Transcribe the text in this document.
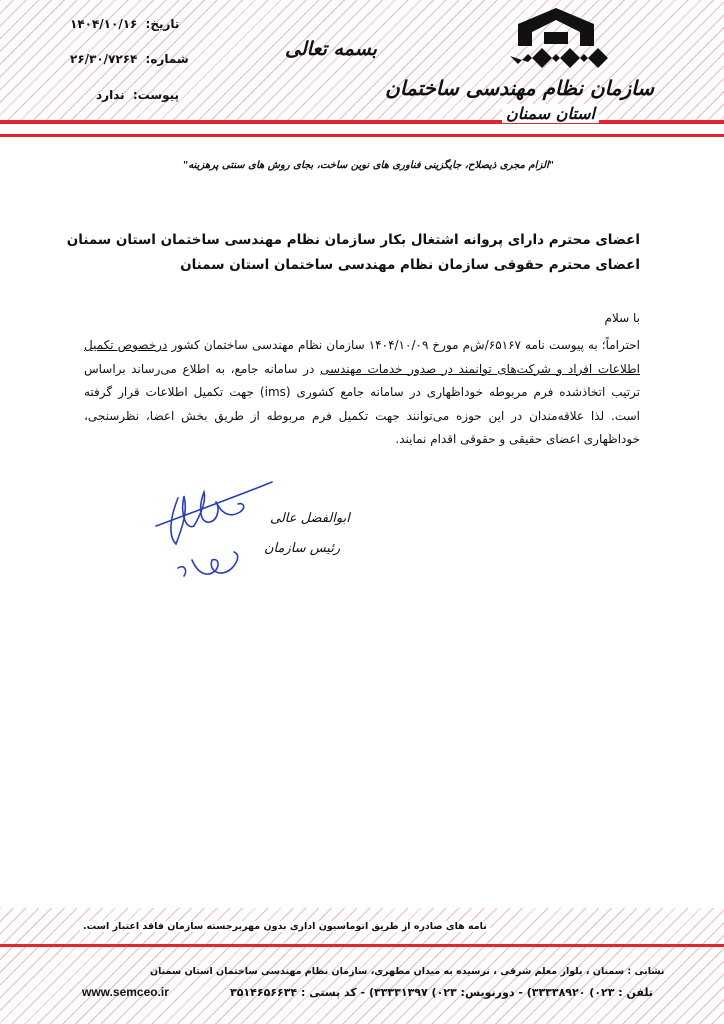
تاریخ: ۱۴۰۴/۱۰/۱۶
شماره: ۲۶/۳۰/۷۲۶۴
پیوست: ندارد
بسمه تعالی
سازمان نظام مهندسی ساختمان
استان سمنان
"الزام مجری ذیصلاح، جایگزینی فناوری های نوین ساخت، بجای روش های سنتی پرهزینه"
اعضای محترم دارای پروانه اشتغال بکار سازمان نظام مهندسی ساختمان استان سمنان
اعضای محترم حقوقی سازمان نظام مهندسی ساختمان استان سمنان
با سلام
احتراماً؛ به پیوست نامه ۶۵۱۶۷/ش‌م مورخ ۱۴۰۴/۱۰/۰۹ سازمان نظام مهندسی ساختمان کشور درخصوص تکمیل اطلاعات افراد و شرکت‌های توانمند در صدور خدمات مهندسی در سامانه جامع، به اطلاع می‌رساند براساس ترتیب اتخاذشده فرم مربوطه خوداظهاری در سامانه جامع کشوری (ims) جهت تکمیل اطلاعات قرار گرفته است. لذا علاقه‌مندان در این حوزه می‌توانند جهت تکمیل فرم مربوطه از طریق بخش اعضا، نظرسنجی، خوداظهاری اعضای حقیقی و حقوقی اقدام نمایند.
ابوالفضل عالی
رئیس سازمان
نامه های صادره از طریق اتوماسیون اداری بدون مهربرجسته سازمان فاقد اعتبار است.
نشانی : سمنان ، بلوار معلم شرقی ، نرسیده به میدان مطهری، سازمان نظام مهندسی ساختمان استان سمنان
تلفن : ۰۲۳) ۳۳۳۳۸۹۲۰) - دورنویس: ۰۲۳) ۳۳۳۳۱۳۹۷) - کد پستی : ۳۵۱۴۶۵۶۶۳۴
www.semceo.ir
